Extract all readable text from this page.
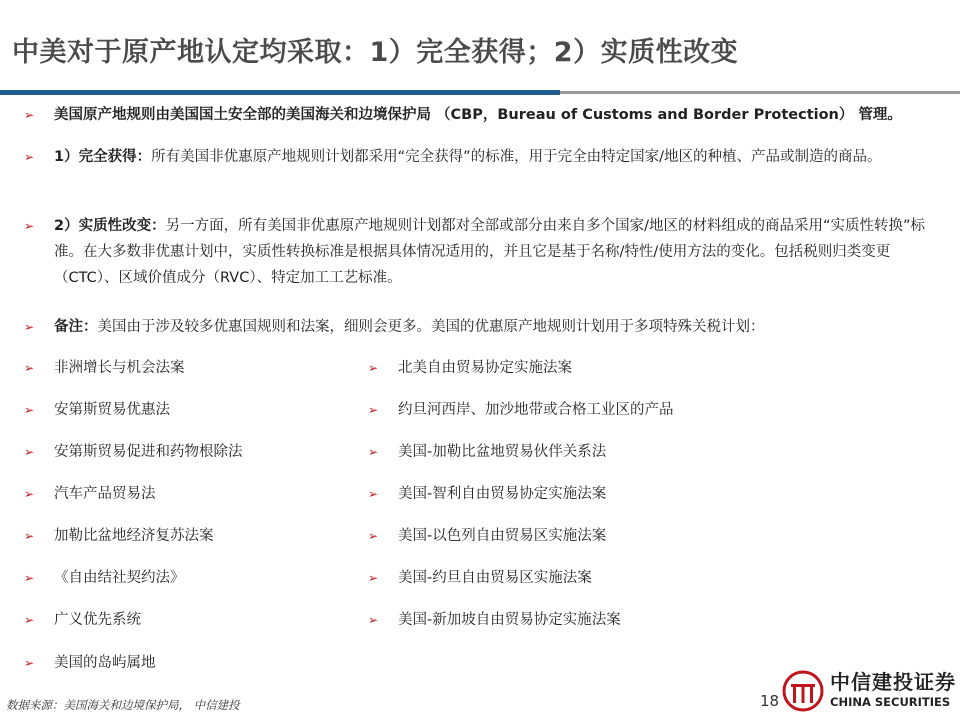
中美对于原产地认定均采取：1）完全获得；2）实质性改变
➢	美国原产地规则由美国国土安全部的美国海关和边境保护局 （CBP，Bureau of Customs and Border Protection） 管理。
➢	1）完全获得：所有美国非优惠原产地规则计划都采用“完全获得”的标准，用于完全由特定国家/地区的种植、产品或制造的商品。
➢	2）实质性改变：另一方面，所有美国非优惠原产地规则计划都对全部或部分由来自多个国家/地区的材料组成的商品采用“实质性转换”标准。在大多数非优惠计划中，实质性转换标准是根据具体情况适用的，并且它是基于名称/特性/使用方法的变化。包括税则归类变更（CTC）、区域价值成分（RVC）、特定加工工艺标准。
➢	备注：美国由于涉及较多优惠国规则和法案，细则会更多。美国的优惠原产地规则计划用于多项特殊关税计划：
➢	非洲增长与机会法案
➢	安第斯贸易优惠法
➢	安第斯贸易促进和药物根除法
➢	汽车产品贸易法
➢	加勒比盆地经济复苏法案
➢	《自由结社契约法》
➢	广义优先系统
➢	美国的岛屿属地
➢	北美自由贸易协定实施法案
➢	约旦河西岸、加沙地带或合格工业区的产品
➢	美国-加勒比盆地贸易伙伴关系法
➢	美国-智利自由贸易协定实施法案
➢	美国-以色列自由贸易区实施法案
➢	美国-约旦自由贸易区实施法案
➢	美国-新加坡自由贸易协定实施法案
数据来源：美国海关和边境保护局， 中信建投	18
中信建投证券
CHINA SECURITIES
